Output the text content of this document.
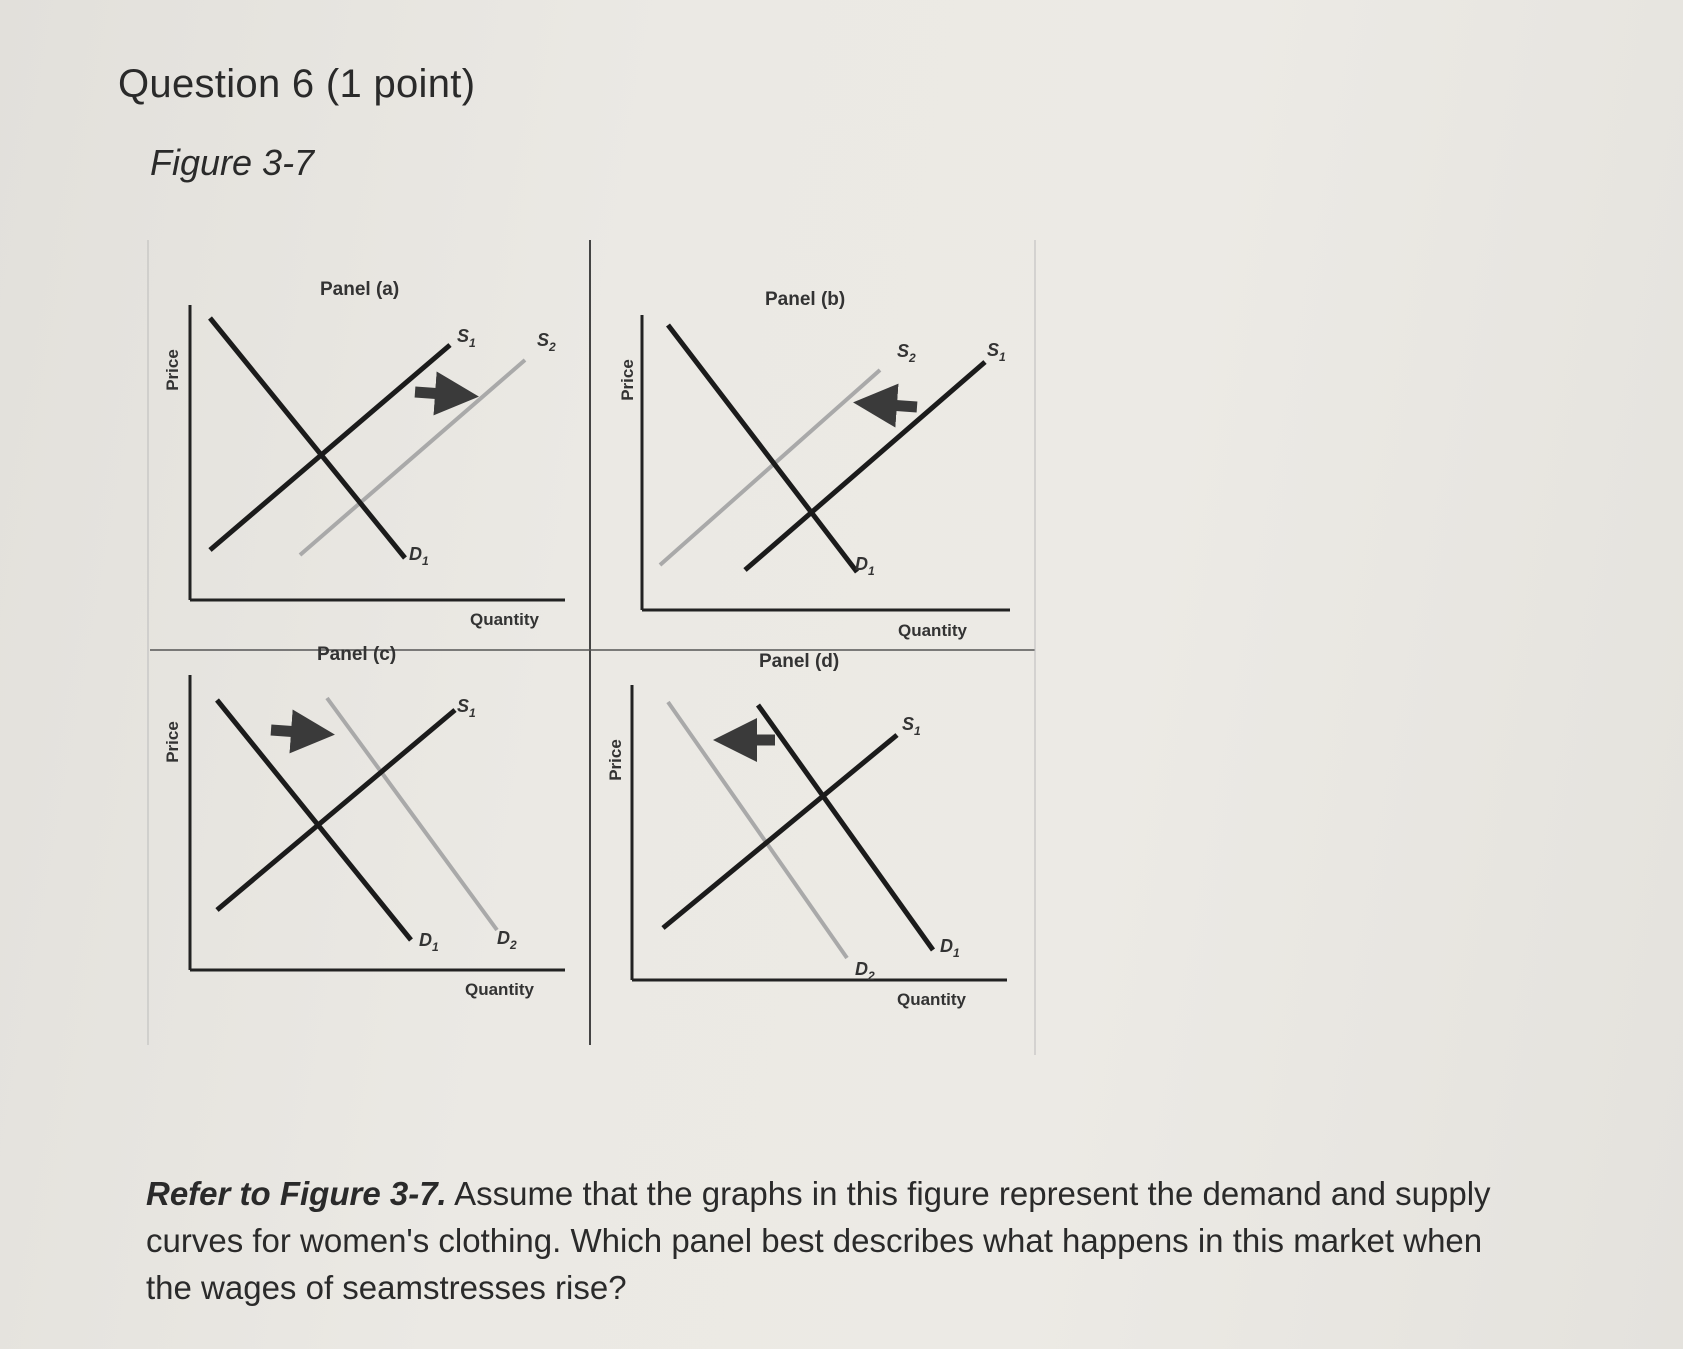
Question 6 (1 point)
Figure 3-7
Panel (a)
Price
Quantity
$S_1$	$S_2$
$D_1$
Panel (b)
Price
Quantity
$S_2$	$S_1$
$D_1$
Panel (c)
Price
Quantity
$S_1$
$D_1$	$D_2$
Panel (d)
Price
Quantity
$S_1$
$D_1$
$D_2$
Refer to Figure 3-7. Assume that the graphs in this figure represent the demand and supply curves for women's clothing. Which panel best describes what happens in this market when the wages of seamstresses rise?
